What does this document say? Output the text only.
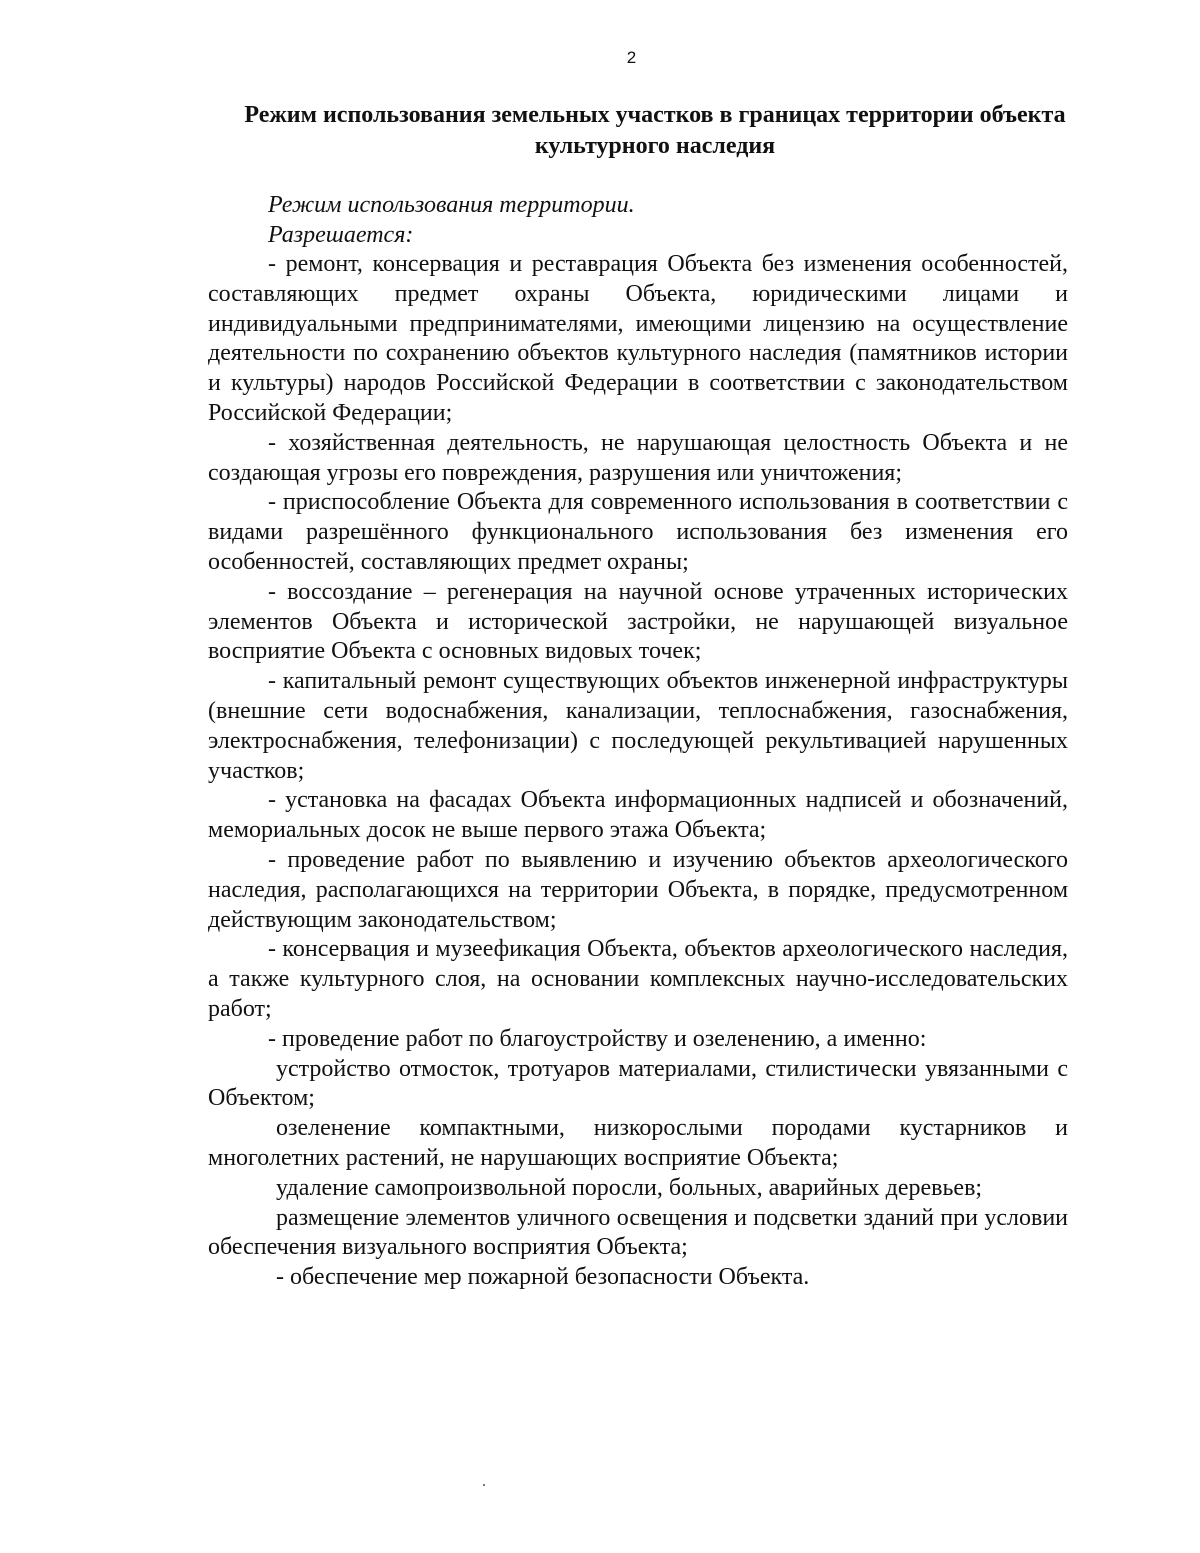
2
Режим использования земельных участков в границах территории объекта культурного наследия
Режим использования территории.
Разрешается:

- ремонт, консервация и реставрация Объекта без изменения особенностей, составляющих предмет охраны Объекта, юридическими лицами и индивидуальными предпринимателями, имеющими лицензию на осуществление деятельности по сохранению объектов культурного наследия (памятников истории и культуры) народов Российской Федерации в соответствии с законодательством Российской Федерации;

- хозяйственная деятельность, не нарушающая целостность Объекта и не создающая угрозы его повреждения, разрушения или уничтожения;

- приспособление Объекта для современного использования в соответствии с видами разрешённого функционального использования без изменения его особенностей, составляющих предмет охраны;

- воссоздание – регенерация на научной основе утраченных исторических элементов Объекта и исторической застройки, не нарушающей визуальное восприятие Объекта с основных видовых точек;

- капитальный ремонт существующих объектов инженерной инфраструктуры (внешние сети водоснабжения, канализации, теплоснабжения, газоснабжения, электроснабжения, телефонизации) с последующей рекультивацией нарушенных участков;

- установка на фасадах Объекта информационных надписей и обозначений, мемориальных досок не выше первого этажа Объекта;

- проведение работ по выявлению и изучению объектов археологического наследия, располагающихся на территории Объекта, в порядке, предусмотренном действующим законодательством;

- консервация и музеефикация Объекта, объектов археологического наследия, а также культурного слоя, на основании комплексных научно-исследовательских работ;

- проведение работ по благоустройству и озеленению, а именно:

устройство отмосток, тротуаров материалами, стилистически увязанными с Объектом;

озеленение компактными, низкорослыми породами кустарников и многолетних растений, не нарушающих восприятие Объекта;

удаление самопроизвольной поросли, больных, аварийных деревьев;

размещение элементов уличного освещения и подсветки зданий при условии обеспечения визуального восприятия Объекта;

- обеспечение мер пожарной безопасности Объекта.
